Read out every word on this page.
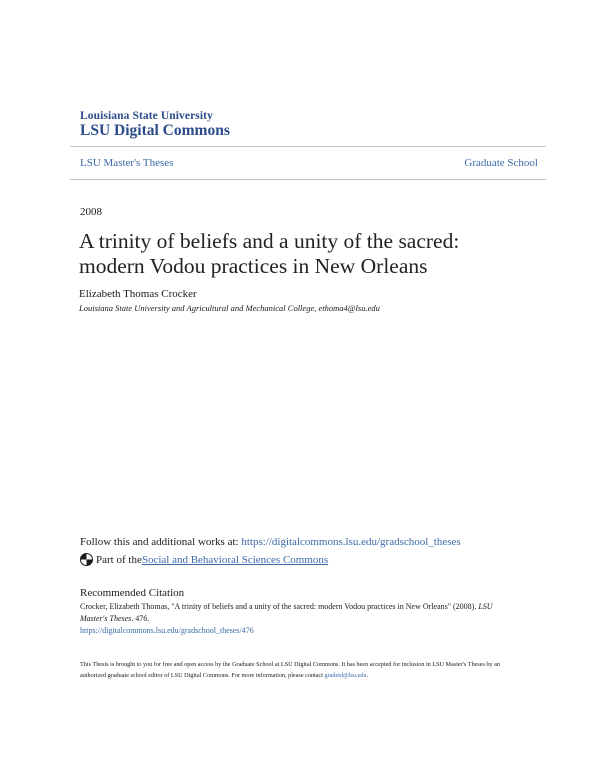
Louisiana State University
LSU Digital Commons
LSU Master's Theses	Graduate School
2008
A trinity of beliefs and a unity of the sacred: modern Vodou practices in New Orleans
Elizabeth Thomas Crocker
Louisiana State University and Agricultural and Mechanical College, ethoma4@lsu.edu
Follow this and additional works at: https://digitalcommons.lsu.edu/gradschool_theses
Part of the Social and Behavioral Sciences Commons
Recommended Citation
Crocker, Elizabeth Thomas, "A trinity of beliefs and a unity of the sacred: modern Vodou practices in New Orleans" (2008). LSU Master's Theses. 476.
https://digitalcommons.lsu.edu/gradschool_theses/476
This Thesis is brought to you for free and open access by the Graduate School at LSU Digital Commons. It has been accepted for inclusion in LSU Master's Theses by an authorized graduate school editor of LSU Digital Commons. For more information, please contact gradetd@lsu.edu.
